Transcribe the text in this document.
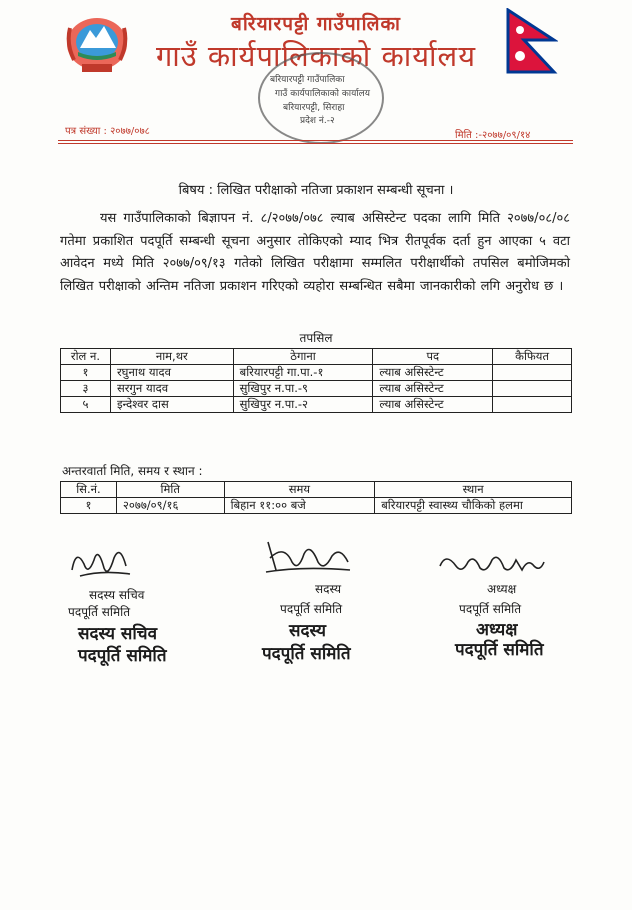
बरियारपट्टी गाउँपालिका
गाउँ कार्यपालिकाको कार्यालय
बरियारपट्टी गाउँपालिका
गाउँ कार्यपालिकाको कार्यालय
बरियारपट्टी, सिराहा
प्रदेश नं.-२
पत्र संख्या : २०७७/०७८	मिति :-२०७७/०९/१४
बिषय : लिखित परीक्षाको नतिजा प्रकाशन सम्बन्धी सूचना ।
यस गाउँपालिकाको बिज्ञापन नं. ८/२०७७/०७८ ल्याब असिस्टेन्ट पदका लागि मिति २०७७/०८/०८ गतेमा प्रकाशित पदपूर्ति सम्बन्धी सूचना अनुसार तोकिएको म्याद भित्र रीतपूर्वक दर्ता हुन आएका ५ वटा आवेदन मध्ये मिति २०७७/०९/१३ गतेको लिखित परीक्षामा सम्मलित परीक्षार्थीको तपसिल बमोजिमको लिखित परीक्षाको अन्तिम नतिजा प्रकाशन गरिएको व्यहोरा सम्बन्धित सबैमा जानकारीको लगि अनुरोध छ ।
तपसिल
रोल न.	नाम,थर	ठेगाना	पद	कैफियत
१	रघुनाथ यादव	बरियारपट्टी गा.पा.-१	ल्याब असिस्टेन्ट	
३	सरगुन यादव	सुखिपुर न.पा.-९	ल्याब असिस्टेन्ट	
५	इन्देश्वर दास	सुखिपुर न.पा.-२	ल्याब असिस्टेन्ट	
अन्तरवार्ता मिति, समय र स्थान :
सि.नं.	मिति	समय	स्थान
१	२०७७/०९/१६	बिहान ११:०० बजे	बरियारपट्टी स्वास्थ्य चौकिको हलमा
सदस्य सचिव
पदपूर्ति समिति
सदस्य सचिव
पदपूर्ति समिति
सदस्य
पदपूर्ति समिति
सदस्य
पदपूर्ति समिति
अध्यक्ष
पदपूर्ति समिति
अध्यक्ष
पदपूर्ति समिति
